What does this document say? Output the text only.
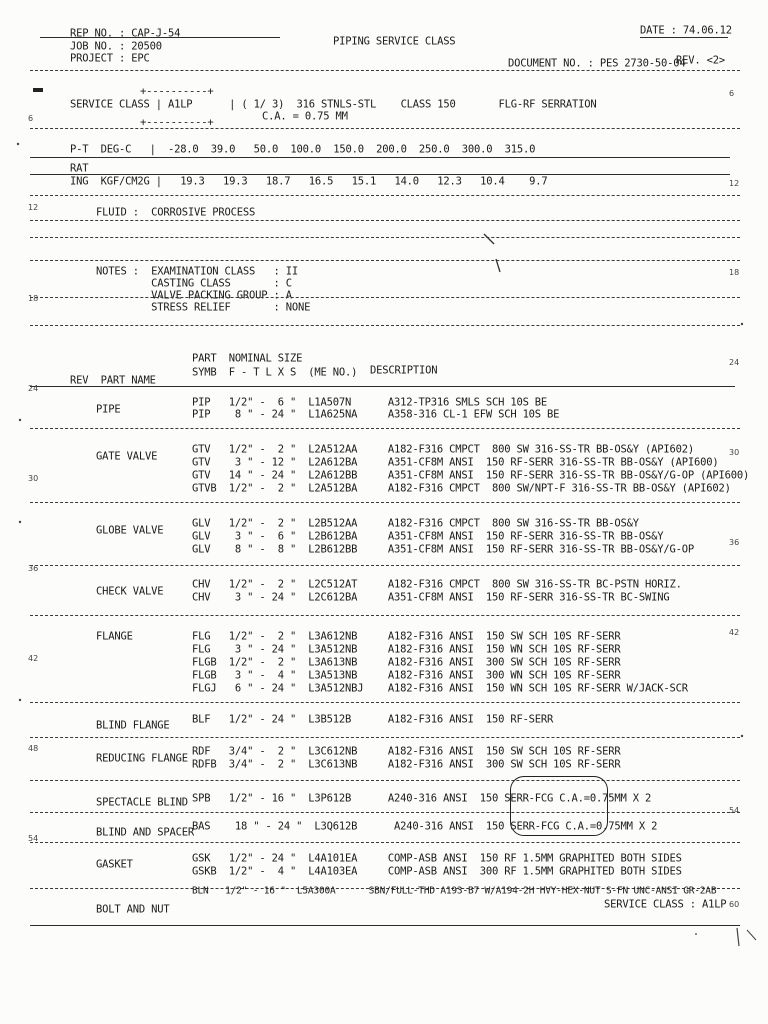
REP NO. : CAP-J-54
JOB NO. : 20500
PROJECT : EPC
PIPING SERVICE CLASS
DATE : 74.06.12
DOCUMENT NO. : PES 2730-50-04
REV. <2>
+----------+
SERVICE CLASS | A1LP      | ( 1/ 3)  316 STNLS-STL    CLASS 150       FLG-RF SERRATION
C.A. = 0.75 MM
+----------+
P-T  DEG-C   |  -28.0  39.0   50.0  100.0  150.0  200.0  250.0  300.0  315.0
RAT
ING  KGF/CM2G |   19.3   19.3   18.7   16.5   15.1   14.0   12.3   10.4    9.7
FLUID :  CORROSIVE PROCESS
NOTES :  EXAMINATION CLASS   : II
CASTING CLASS       : C
VALVE PACKING GROUP : A
STRESS RELIEF       : NONE
PART  NOMINAL SIZE
REV  PART NAME
SYMB  F - T L X S  (ME NO.) DESCRIPTION
PIPE
PIP   1/2" -  6 "  L1A507N      A312-TP316 SMLS SCH 10S BE
PIP    8 " - 24 "  L1A625NA     A358-316 CL-1 EFW SCH 10S BE
GATE VALVE
GTV   1/2" -  2 "  L2A512AA     A182-F316 CMPCT  800 SW 316-SS-TR BB-OS&Y (API602)
GTV    3 " - 12 "  L2A612BA     A351-CF8M ANSI  150 RF-SERR 316-SS-TR BB-OS&Y (API600)
GTV   14 " - 24 "  L2A612BB     A351-CF8M ANSI  150 RF-SERR 316-SS-TR BB-OS&Y/G-OP (API600)
GTVB  1/2" -  2 "  L2A512BA     A182-F316 CMPCT  800 SW/NPT-F 316-SS-TR BB-OS&Y (API602)
GLOBE VALVE
GLV   1/2" -  2 "  L2B512AA     A182-F316 CMPCT  800 SW 316-SS-TR BB-OS&Y
GLV    3 " -  6 "  L2B612BA     A351-CF8M ANSI  150 RF-SERR 316-SS-TR BB-OS&Y
GLV    8 " -  8 "  L2B612BB     A351-CF8M ANSI  150 RF-SERR 316-SS-TR BB-OS&Y/G-OP
CHECK VALVE
CHV   1/2" -  2 "  L2C512AT     A182-F316 CMPCT  800 SW 316-SS-TR BC-PSTN HORIZ.
CHV    3 " - 24 "  L2C612BA     A351-CF8M ANSI  150 RF-SERR 316-SS-TR BC-SWING
FLANGE	FLG   1/2" -  2 "  L3A612NB     A182-F316 ANSI  150 SW SCH 10S RF-SERR
FLG    3 " - 24 "  L3A512NB     A182-F316 ANSI  150 WN SCH 10S RF-SERR
FLGB  1/2" -  2 "  L3A613NB     A182-F316 ANSI  300 SW SCH 10S RF-SERR
FLGB   3 " -  4 "  L3A513NB     A182-F316 ANSI  300 WN SCH 10S RF-SERR
FLGJ   6 " - 24 "  L3A512NBJ    A182-F316 ANSI  150 WN SCH 10S RF-SERR W/JACK-SCR
BLIND FLANGE BLF   1/2" - 24 "  L3B512B      A182-F316 ANSI  150 RF-SERR
REDUCING FLANGE
RDF   3/4" -  2 "  L3C612NB     A182-F316 ANSI  150 SW SCH 10S RF-SERR
RDFB  3/4" -  2 "  L3C613NB     A182-F316 ANSI  300 SW SCH 10S RF-SERR
SPECTACLE BLIND SPB   1/2" - 16 "  L3P612B      A240-316 ANSI  150 SERR-FCG C.A.=0.75MM X 2
BLIND AND SPACER
BAS    18 " - 24 "  L3Q612B      A240-316 ANSI  150 SERR-FCG C.A.=0.75MM X 2
GASKET	GSK   1/2" - 24 "  L4A101EA     COMP-ASB ANSI  150 RF 1.5MM GRAPHITED BOTH SIDES
GSKB  1/2" -  4 "  L4A103EA     COMP-ASB ANSI  300 RF 1.5MM GRAPHITED BOTH SIDES
BOLT AND NUT
BLN   1/2" - 16 "  L5A300A      SBN/FULL-THD A193-B7 W/A194-2H HVY-HEX-NUT S-FN UNC-ANSI GR-2AB
SERVICE CLASS : A1LP
6
6
12
12
18
18
24
24
30
30
36
36
42
42
48
54
54
60
